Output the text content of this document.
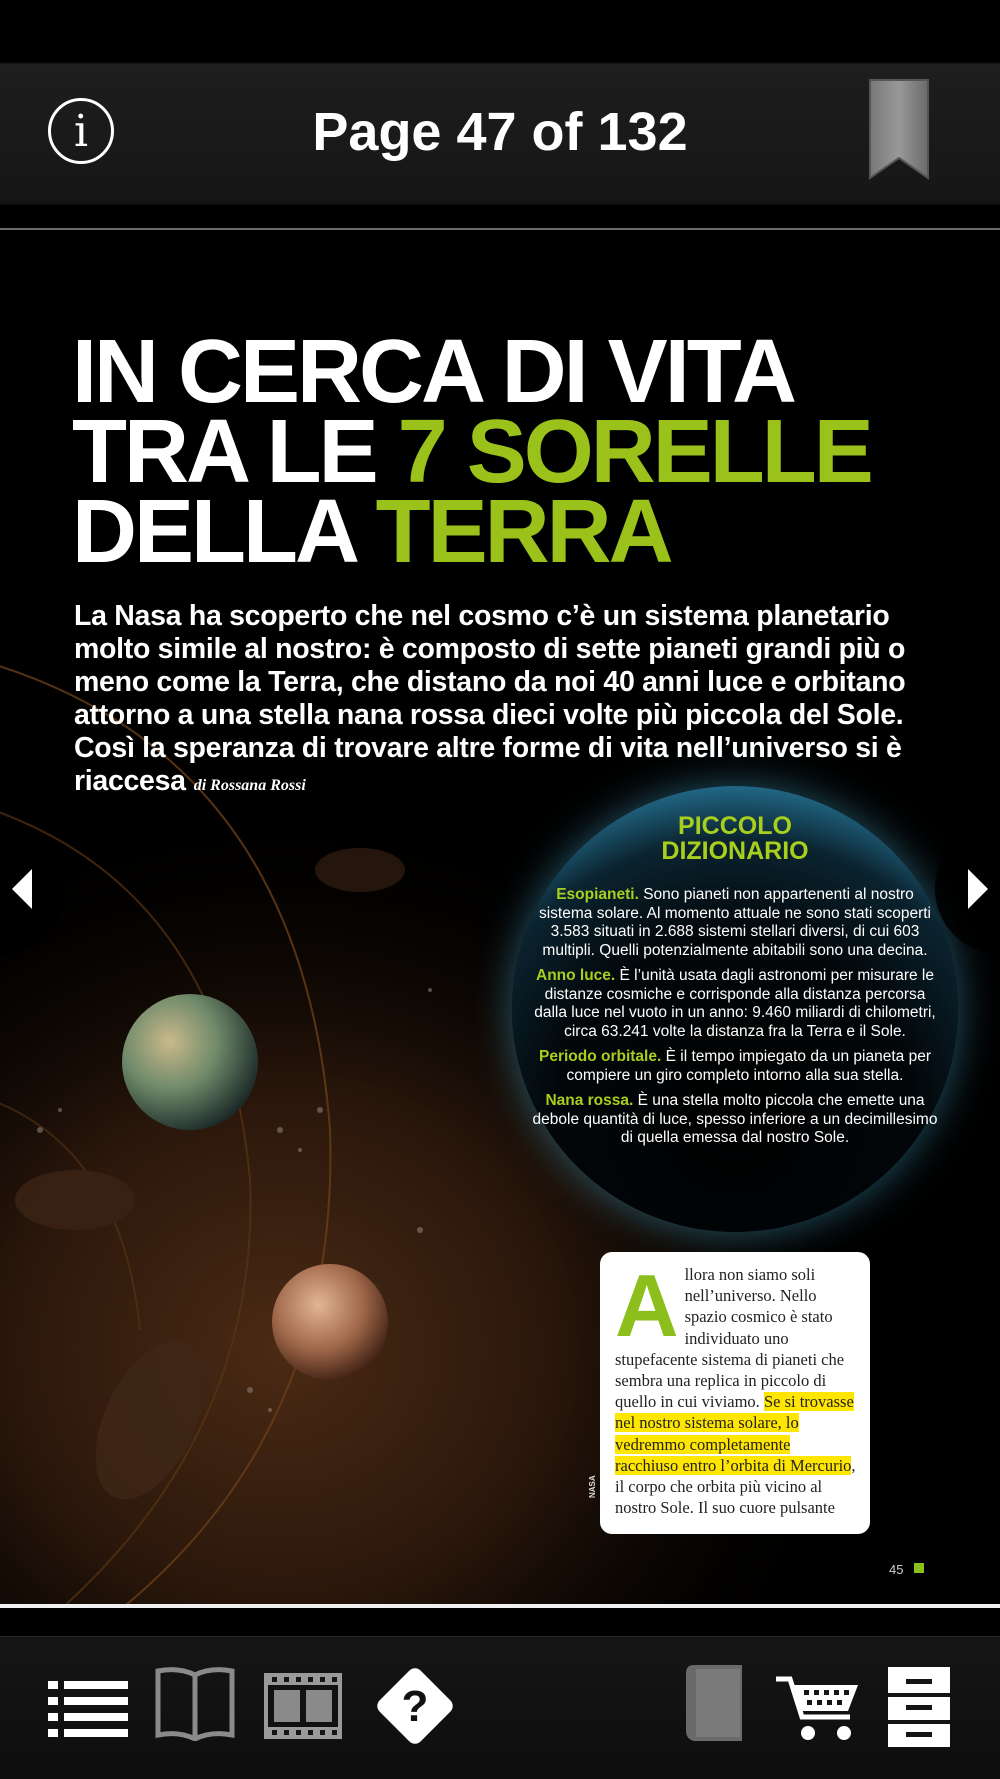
i	Page 47 of 132
IN CERCA DI VITA
TRA LE 7 SORELLE
DELLA TERRA

La Nasa ha scoperto che nel cosmo c’è un sistema planetario molto simile al nostro: è composto di sette pianeti grandi più o meno come la Terra, che distano da noi 40 anni luce e orbitano attorno a una stella nana rossa dieci volte più piccola del Sole. Così la speranza di trovare altre forme di vita nell’universo si è riaccesa di Rossana Rossi

PICCOLO
DIZIONARIO

Esopianeti. Sono pianeti non appartenenti al nostro sistema solare. Al momento attuale ne sono stati scoperti 3.583 situati in 2.688 sistemi stellari diversi, di cui 603 multipli. Quelli potenzialmente abitabili sono una decina.

Anno luce. È l’unità usata dagli astronomi per misurare le distanze cosmiche e corrisponde alla distanza percorsa dalla luce nel vuoto in un anno: 9.460 miliardi di chilometri, circa 63.241 volte la distanza fra la Terra e il Sole.

Periodo orbitale. È il tempo impiegato da un pianeta per compiere un giro completo intorno alla sua stella.

Nana rossa. È una stella molto piccola che emette una debole quantità di luce, spesso inferiore a un decimillesimo di quella emessa dal nostro Sole.

Allora non siamo soli nell’universo. Nello spazio cosmico è stato individuato uno stupefacente sistema di pianeti che sembra una replica in piccolo di quello in cui viviamo. Se si trovasse nel nostro sistema solare, lo vedremmo completamente racchiuso entro l’orbita di Mercurio, il corpo che orbita più vicino al nostro Sole. Il suo cuore pulsante
NASA
45
?
